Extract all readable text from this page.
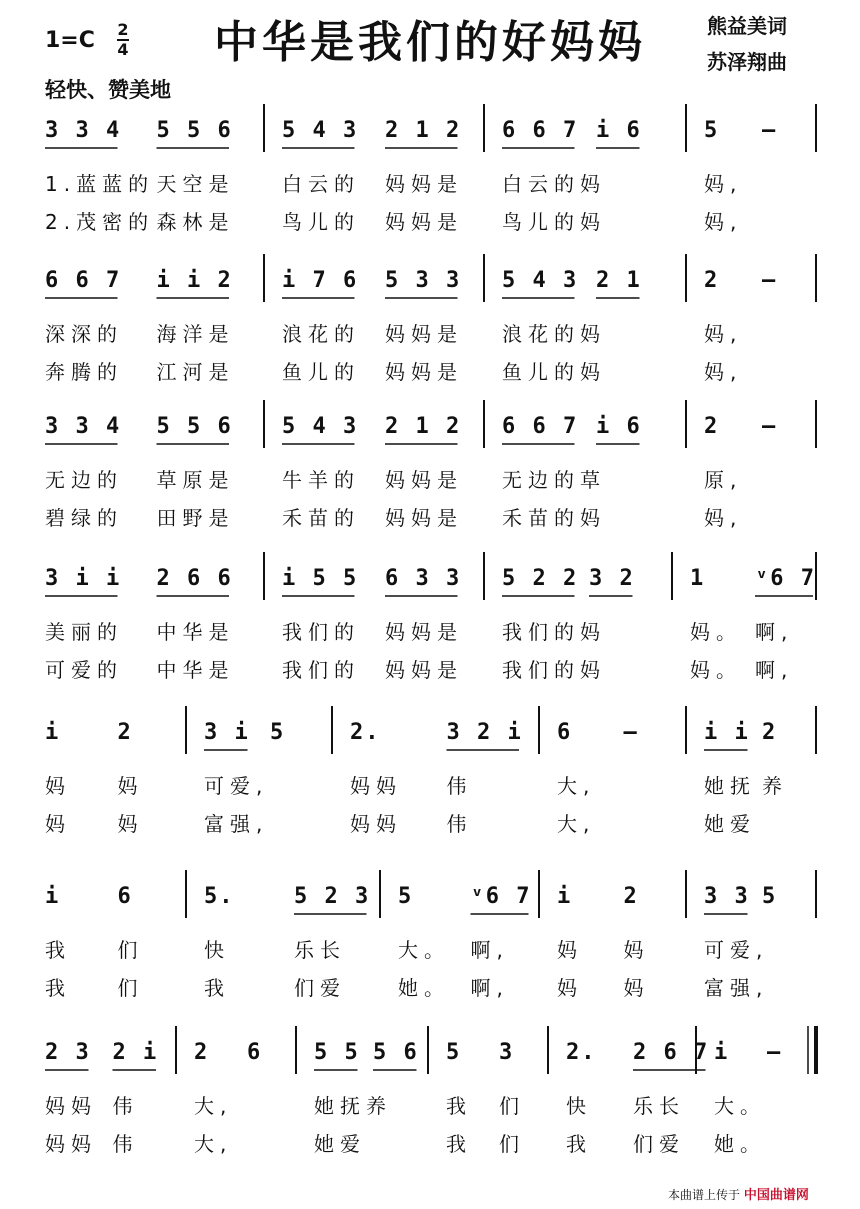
1=C 2
4	中华是我们的好妈妈	熊益美词
苏泽翔曲
轻快、赞美地
3 3 4 5 5 6
1.蓝蓝的 天空是
2.茂密的 森林是
5 4 3 2 1 2
白云的 妈妈是
鸟儿的 妈妈是
6 6 7 i 6
白云的妈
鸟儿的妈
5 –
妈,
妈,
6 6 7 i i 2
深深的 海洋是
奔腾的 江河是
i 7 6 5 3 3
浪花的 妈妈是
鱼儿的 妈妈是
5 4 3 2 1
浪花的妈
鱼儿的妈
2 –
妈,
妈,
3 3 4 5 5 6
无边的 草原是
碧绿的 田野是
5 4 3 2 1 2
牛羊的 妈妈是
禾苗的 妈妈是
6 6 7 i 6
无边的草
禾苗的妈
2 –
原,
妈,
3 i i 2 6 6
美丽的 中华是
可爱的 中华是
i 5 5 6 3 3
我们的 妈妈是
我们的 妈妈是
5 2 2 3 2
我们的妈
我们的妈
1 ᵛ6 7
妈。 啊,
妈。 啊,
i	2
妈 妈
妈 妈
3 i 5
可爱,
富强,
2.	3 2 i
妈妈 伟
妈妈 伟
6 –
大,
大,
i i 2
她抚 养
她爱
i	6
我 们
我 们
5.	5 2 3
快	乐长
我	们爱
5	ᵛ6 7
大。 啊,
她。 啊,
i 2
妈 妈
妈 妈
3 3 5
可爱,
富强,
2 3 2 i
妈妈 伟
妈妈 伟
2 6
大,
大,
5 5 5 6
她抚养
她爱
5 3
我 们
我 们
2. 2 6 7
快 乐长
我 们爱
i –
大。
她。
本曲谱上传于 中国曲谱网
